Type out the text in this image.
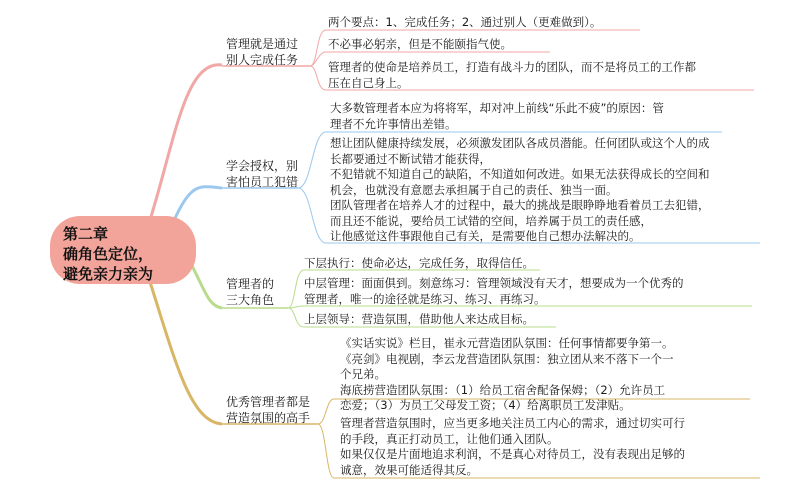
第二章
确角色定位，
避免亲力亲为
管理就是通过
别人完成任务
两个要点：1、完成任务；2、通过别人（更难做到）。
不必事必躬亲，但是不能颐指气使。
管理者的使命是培养员工，打造有战斗力的团队，而不是将员工的工作都
压在自己身上。
学会授权，别
害怕员工犯错
大多数管理者本应为将将军，却对冲上前线“乐此不疲”的原因：管
理者不允许事情出差错。
想让团队健康持续发展，必须激发团队各成员潜能。任何团队或这个人的成
长都要通过不断试错才能获得，
不犯错就不知道自己的缺陷，不知道如何改进。如果无法获得成长的空间和
机会，也就没有意愿去承担属于自己的责任、独当一面。
团队管理者在培养人才的过程中，最大的挑战是眼睁睁地看着员工去犯错，
而且还不能说，要给员工试错的空间，培养属于员工的责任感，
让他感觉这件事跟他自己有关，是需要他自己想办法解决的。
管理者的
三大角色
下层执行：使命必达，完成任务，取得信任。
中层管理：面面俱到。刻意练习：管理领域没有天才，想要成为一个优秀的
管理者，唯一的途径就是练习、练习、再练习。
上层领导：营造氛围，借助他人来达成目标。
优秀管理者都是
营造氛围的高手
《实话实说》栏目，崔永元营造团队氛围：任何事情都要争第一。
《亮剑》电视剧，李云龙营造团队氛围：独立团从来不落下一个一
个兄弟。
海底捞营造团队氛围：（1）给员工宿舍配备保姆；（2）允许员工
恋爱；（3）为员工父母发工资；（4）给离职员工发津贴。
管理者营造氛围时，应当更多地关注员工内心的需求，通过切实可行
的手段，真正打动员工，让他们通入团队。
如果仅仅是片面地追求利润，不是真心对待员工，没有表现出足够的
诚意，效果可能适得其反。
